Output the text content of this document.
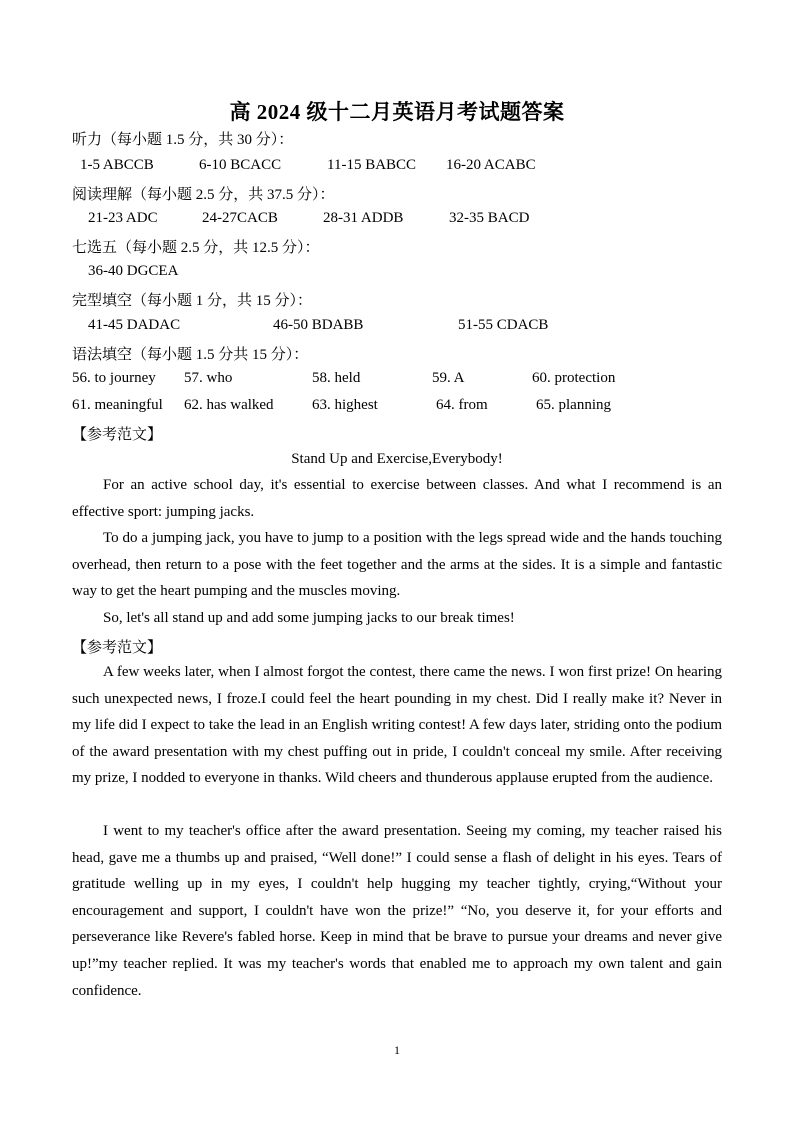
高 2024 级十二月英语月考试题答案
听力（每小题 1.5 分，共 30 分）：
1-5 ABCCB	6-10 BCACC	11-15 BABCC 16-20 ACABC
阅读理解（每小题 2.5 分，共 37.5 分）：
21-23 ADC	24-27CACB	28-31 ADDB	32-35 BACD
七选五（每小题 2.5 分，共 12.5 分）：
36-40 DGCEA
完型填空（每小题 1 分，共 15 分）：
41-45 DADAC	46-50 BDABB	51-55 CDACB
语法填空（每小题 1.5 分共 15 分）：
56. to journey 57. who	58. held	59. A	60. protection
61. meaningful 62. has walked	63. highest	64. from	65. planning
【参考范文】
Stand Up and Exercise,Everybody!

For an active school day, it's essential to exercise between classes. And what I recommend is an effective sport: jumping jacks.

To do a jumping jack, you have to jump to a position with the legs spread wide and the hands touching overhead, then return to a pose with the feet together and the arms at the sides. It is a simple and fantastic way to get the heart pumping and the muscles moving.

So, let's all stand up and add some jumping jacks to our break times!

【参考范文】

A few weeks later, when I almost forgot the contest, there came the news. I won first prize! On hearing such unexpected news, I froze.I could feel the heart pounding in my chest. Did I really make it? Never in my life did I expect to take the lead in an English writing contest! A few days later, striding onto the podium of the award presentation with my chest puffing out in pride, I couldn't conceal my smile. After receiving my prize, I nodded to everyone in thanks. Wild cheers and thunderous applause erupted from the audience.

I went to my teacher's office after the award presentation. Seeing my coming, my teacher raised his head, gave me a thumbs up and praised, “Well done!” I could sense a flash of delight in his eyes. Tears of gratitude welling up in my eyes, I couldn't help hugging my teacher tightly, crying,“Without your encouragement and support, I couldn't have won the prize!” “No, you deserve it, for your efforts and perseverance like Revere's fabled horse. Keep in mind that be brave to pursue your dreams and never give up!”my teacher replied. It was my teacher's words that enabled me to approach my own talent and gain confidence.

1
